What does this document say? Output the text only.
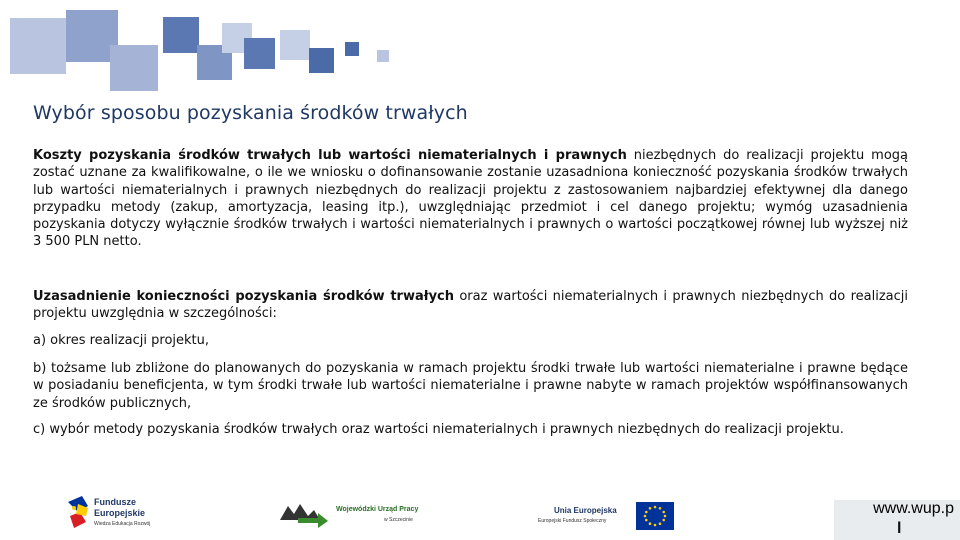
Wybór sposobu pozyskania środków trwałych

Koszty pozyskania środków trwałych lub wartości niematerialnych i prawnych niezbędnych do realizacji projektu mogą zostać uznane za kwalifikowalne, o ile we wniosku o dofinansowanie zostanie uzasadniona konieczność pozyskania środków trwałych lub wartości niematerialnych i prawnych niezbędnych do realizacji projektu z zastosowaniem najbardziej efektywnej dla danego przypadku metody (zakup, amortyzacja, leasing itp.), uwzględniając przedmiot i cel danego projektu; wymóg uzasadnienia pozyskania dotyczy wyłącznie środków trwałych i wartości niematerialnych i prawnych o wartości początkowej równej lub wyższej niż 3 500 PLN netto.

Uzasadnienie konieczności pozyskania środków trwałych oraz wartości niematerialnych i prawnych niezbędnych do realizacji projektu uwzględnia w szczególności:

a) okres realizacji projektu,

b) tożsame lub zbliżone do planowanych do pozyskania w ramach projektu środki trwałe lub wartości niematerialne i prawne będące w posiadaniu beneficjenta, w tym środki trwałe lub wartości niematerialne i prawne nabyte w ramach projektów współfinansowanych ze środków publicznych,

c) wybór metody pozyskania środków trwałych oraz wartości niematerialnych i prawnych niezbędnych do realizacji projektu.

Fundusze
Europejskie
Wiedza Edukacja Rozwój
Wojewódzki Urząd Pracy
w Szczecinie
Unia Europejska
Europejski Fundusz Społeczny
www.wup.p
l
